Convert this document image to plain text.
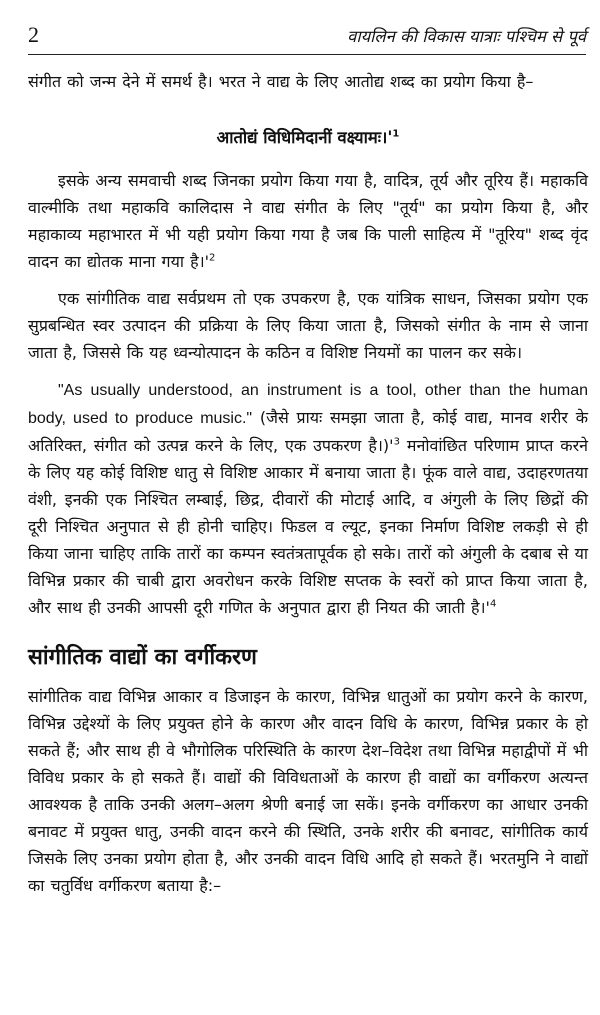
2	वायलिन की विकास यात्राः पश्चिम से पूर्व

संगीत को जन्म देने में समर्थ है। भरत ने वाद्य के लिए आतोद्य शब्द का प्रयोग किया है–

आतोद्यं विधिमिदानीं $वक्ष्यामः।'^1$

इसके अन्य समवाची शब्द जिनका प्रयोग किया गया है, वादित्र, तूर्य और तूरिय हैं। महाकवि वाल्मीकि तथा महाकवि कालिदास ने वाद्य संगीत के लिए "तूर्य" का प्रयोग किया है, और महाकाव्य महाभारत में भी यही प्रयोग किया गया है जब कि पाली साहित्य में "तूरिय" शब्द वृंद वादन का द्योतक माना गया $है।'^2$

एक सांगीतिक वाद्य सर्वप्रथम तो एक उपकरण है, एक यांत्रिक साधन, जिसका प्रयोग एक सुप्रबन्धित स्वर उत्पादन की प्रक्रिया के लिए किया जाता है, जिसको संगीत के नाम से जाना जाता है, जिससे कि यह ध्वन्योत्पादन के कठिन व विशिष्ट नियमों का पालन कर सके।

"As usually understood, an instrument is a tool, other than the human body, used to produce music." (जैसे प्रायः समझा जाता है, कोई वाद्य, मानव शरीर के अतिरिक्त, संगीत को उत्पन्न करने के लिए, एक उपकरण $है।)'^3$ मनोवांछित परिणाम प्राप्त करने के लिए यह कोई विशिष्ट धातु से विशिष्ट आकार में बनाया जाता है। फूंक वाले वाद्य, उदाहरणतया वंशी, इनकी एक निश्चित लम्बाई, छिद्र, दीवारों की मोटाई आदि, व अंगुली के लिए छिद्रों की दूरी निश्चित अनुपात से ही होनी चाहिए। फिडल व ल्यूट, इनका निर्माण विशिष्ट लकड़ी से ही किया जाना चाहिए ताकि तारों का कम्पन स्वतंत्रतापूर्वक हो सके। तारों को अंगुली के दबाब से या विभिन्न प्रकार की चाबी द्वारा अवरोधन करके विशिष्ट सप्तक के स्वरों को प्राप्त किया जाता है, और साथ ही उनकी आपसी दूरी गणित के अनुपात द्वारा ही नियत की जाती $है।'^4$

सांगीतिक वाद्यों का वर्गीकरण

सांगीतिक वाद्य विभिन्न आकार व डिजाइन के कारण, विभिन्न धातुओं का प्रयोग करने के कारण, विभिन्न उद्देश्यों के लिए प्रयुक्त होने के कारण और वादन विधि के कारण, विभिन्न प्रकार के हो सकते हैं; और साथ ही वे भौगोलिक परिस्थिति के कारण देश–विदेश तथा विभिन्न महाद्वीपों में भी विविध प्रकार के हो सकते हैं। वाद्यों की विविधताओं के कारण ही वाद्यों का वर्गीकरण अत्यन्त आवश्यक है ताकि उनकी अलग–अलग श्रेणी बनाई जा सकें। इनके वर्गीकरण का आधार उनकी बनावट में प्रयुक्त धातु, उनकी वादन करने की स्थिति, उनके शरीर की बनावट, सांगीतिक कार्य जिसके लिए उनका प्रयोग होता है, और उनकी वादन विधि आदि हो सकते हैं। भरतमुनि ने वाद्यों का चतुर्विध वर्गीकरण बताया है:–
